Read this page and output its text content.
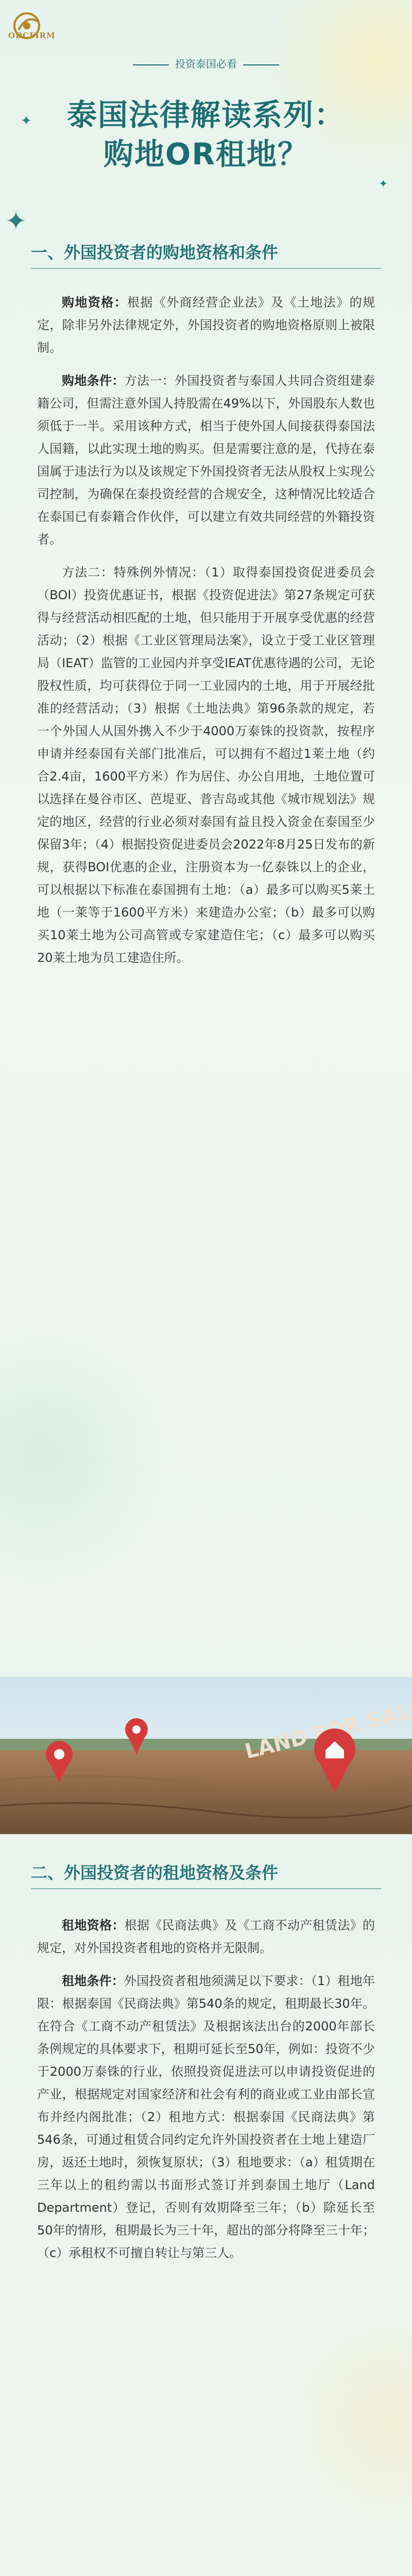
ODCFIRM
投资泰国必看
泰国法律解读系列：
购地OR租地？
✦
✦
✦
一、外国投资者的购地资格和条件

购地资格：根据《外商经营企业法》及《土地法》的规定，除非另外法律规定外，外国投资者的购地资格原则上被限制。

购地条件：方法一：外国投资者与泰国人共同合资组建泰籍公司，但需注意外国人持股需在49%以下，外国股东人数也须低于一半。采用该种方式，相当于使外国人间接获得泰国法人国籍，以此实现土地的购买。但是需要注意的是，代持在泰国属于违法行为以及该规定下外国投资者无法从股权上实现公司控制，为确保在泰投资经营的合规安全，这种情况比较适合在泰国已有泰籍合作伙伴，可以建立有效共同经营的外籍投资者。

方法二：特殊例外情况：（1）取得泰国投资促进委员会（BOI）投资优惠证书，根据《投资促进法》第27条规定可获得与经营活动相匹配的土地，但只能用于开展享受优惠的经营活动；（2）根据《工业区管理局法案》，设立于受工业区管理局（IEAT）监管的工业园内并享受IEAT优惠待遇的公司，无论股权性质，均可获得位于同一工业园内的土地，用于开展经批准的经营活动；（3）根据《土地法典》第96条款的规定，若一个外国人从国外携入不少于4000万泰铢的投资款，按程序申请并经泰国有关部门批准后，可以拥有不超过1莱土地（约合2.4亩，1600平方米）作为居住、办公自用地，土地位置可以选择在曼谷市区、芭堤亚、普吉岛或其他《城市规划法》规定的地区，经营的行业必须对泰国有益且投入资金在泰国至少保留3年；（4）根据投资促进委员会2022年8月25日发布的新规，获得BOI优惠的企业，注册资本为一亿泰铢以上的企业，可以根据以下标准在泰国拥有土地：（a）最多可以购买5莱土地（一莱等于1600平方米）来建造办公室；（b）最多可以购买10莱土地为公司高管或专家建造住宅；（c）最多可以购买20莱土地为员工建造住所。

LAND SALE
二、外国投资者的租地资格及条件

租地资格：根据《民商法典》及《工商不动产租赁法》的规定，对外国投资者租地的资格并无限制。

租地条件：外国投资者租地须满足以下要求：（1）租地年限：根据泰国《民商法典》第540条的规定，租期最长30年。在符合《工商不动产租赁法》及根据该法出台的2000年部长条例规定的具体要求下，租期可延长至50年，例如：投资不少于2000万泰铢的行业，依照投资促进法可以申请投资促进的产业，根据规定对国家经济和社会有利的商业或工业由部长宣布并经内阁批准；（2）租地方式：根据泰国《民商法典》第546条，可通过租赁合同约定允许外国投资者在土地上建造厂房，返还土地时，须恢复原状；（3）租地要求：（a）租赁期在三年以上的租约需以书面形式签订并到泰国土地厅（Land Department）登记，否则有效期降至三年；（b）除延长至50年的情形，租期最长为三十年，超出的部分将降至三十年；（c）承租权不可擅自转让与第三人。
